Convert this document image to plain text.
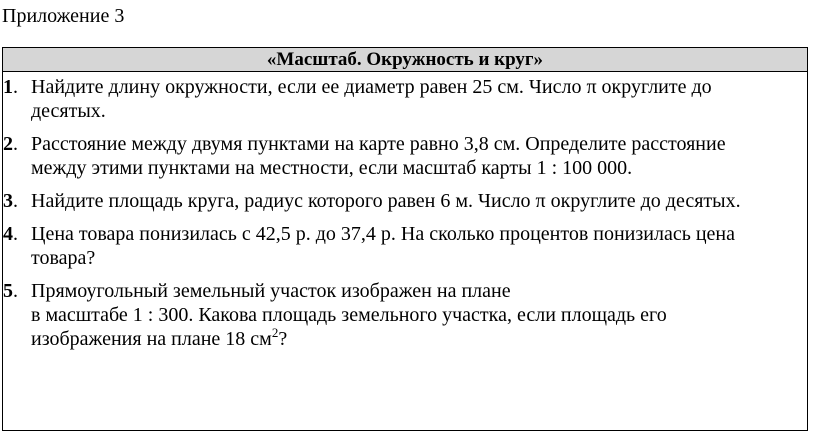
Приложение 3
«Масштаб. Окружность и круг»
1. Найдите длину окружности, если ее диаметр равен 25 см. Число π округлите до
десятых.
2. Расстояние между двумя пунктами на карте равно 3,8 см. Определите расстояние
между этими пунктами на местности, если масштаб карты 1 : 100 000.
3. Найдите площадь круга, радиус которого равен 6 м. Число π округлите до десятых.
4. Цена товара понизилась с 42,5 р. до 37,4 р. На сколько процентов понизилась цена
товара?
5. Прямоугольный земельный участок изображен на плане
в масштабе 1 : 300. Какова площадь земельного участка, если площадь его
изображения на плане 18 $см^2$?
